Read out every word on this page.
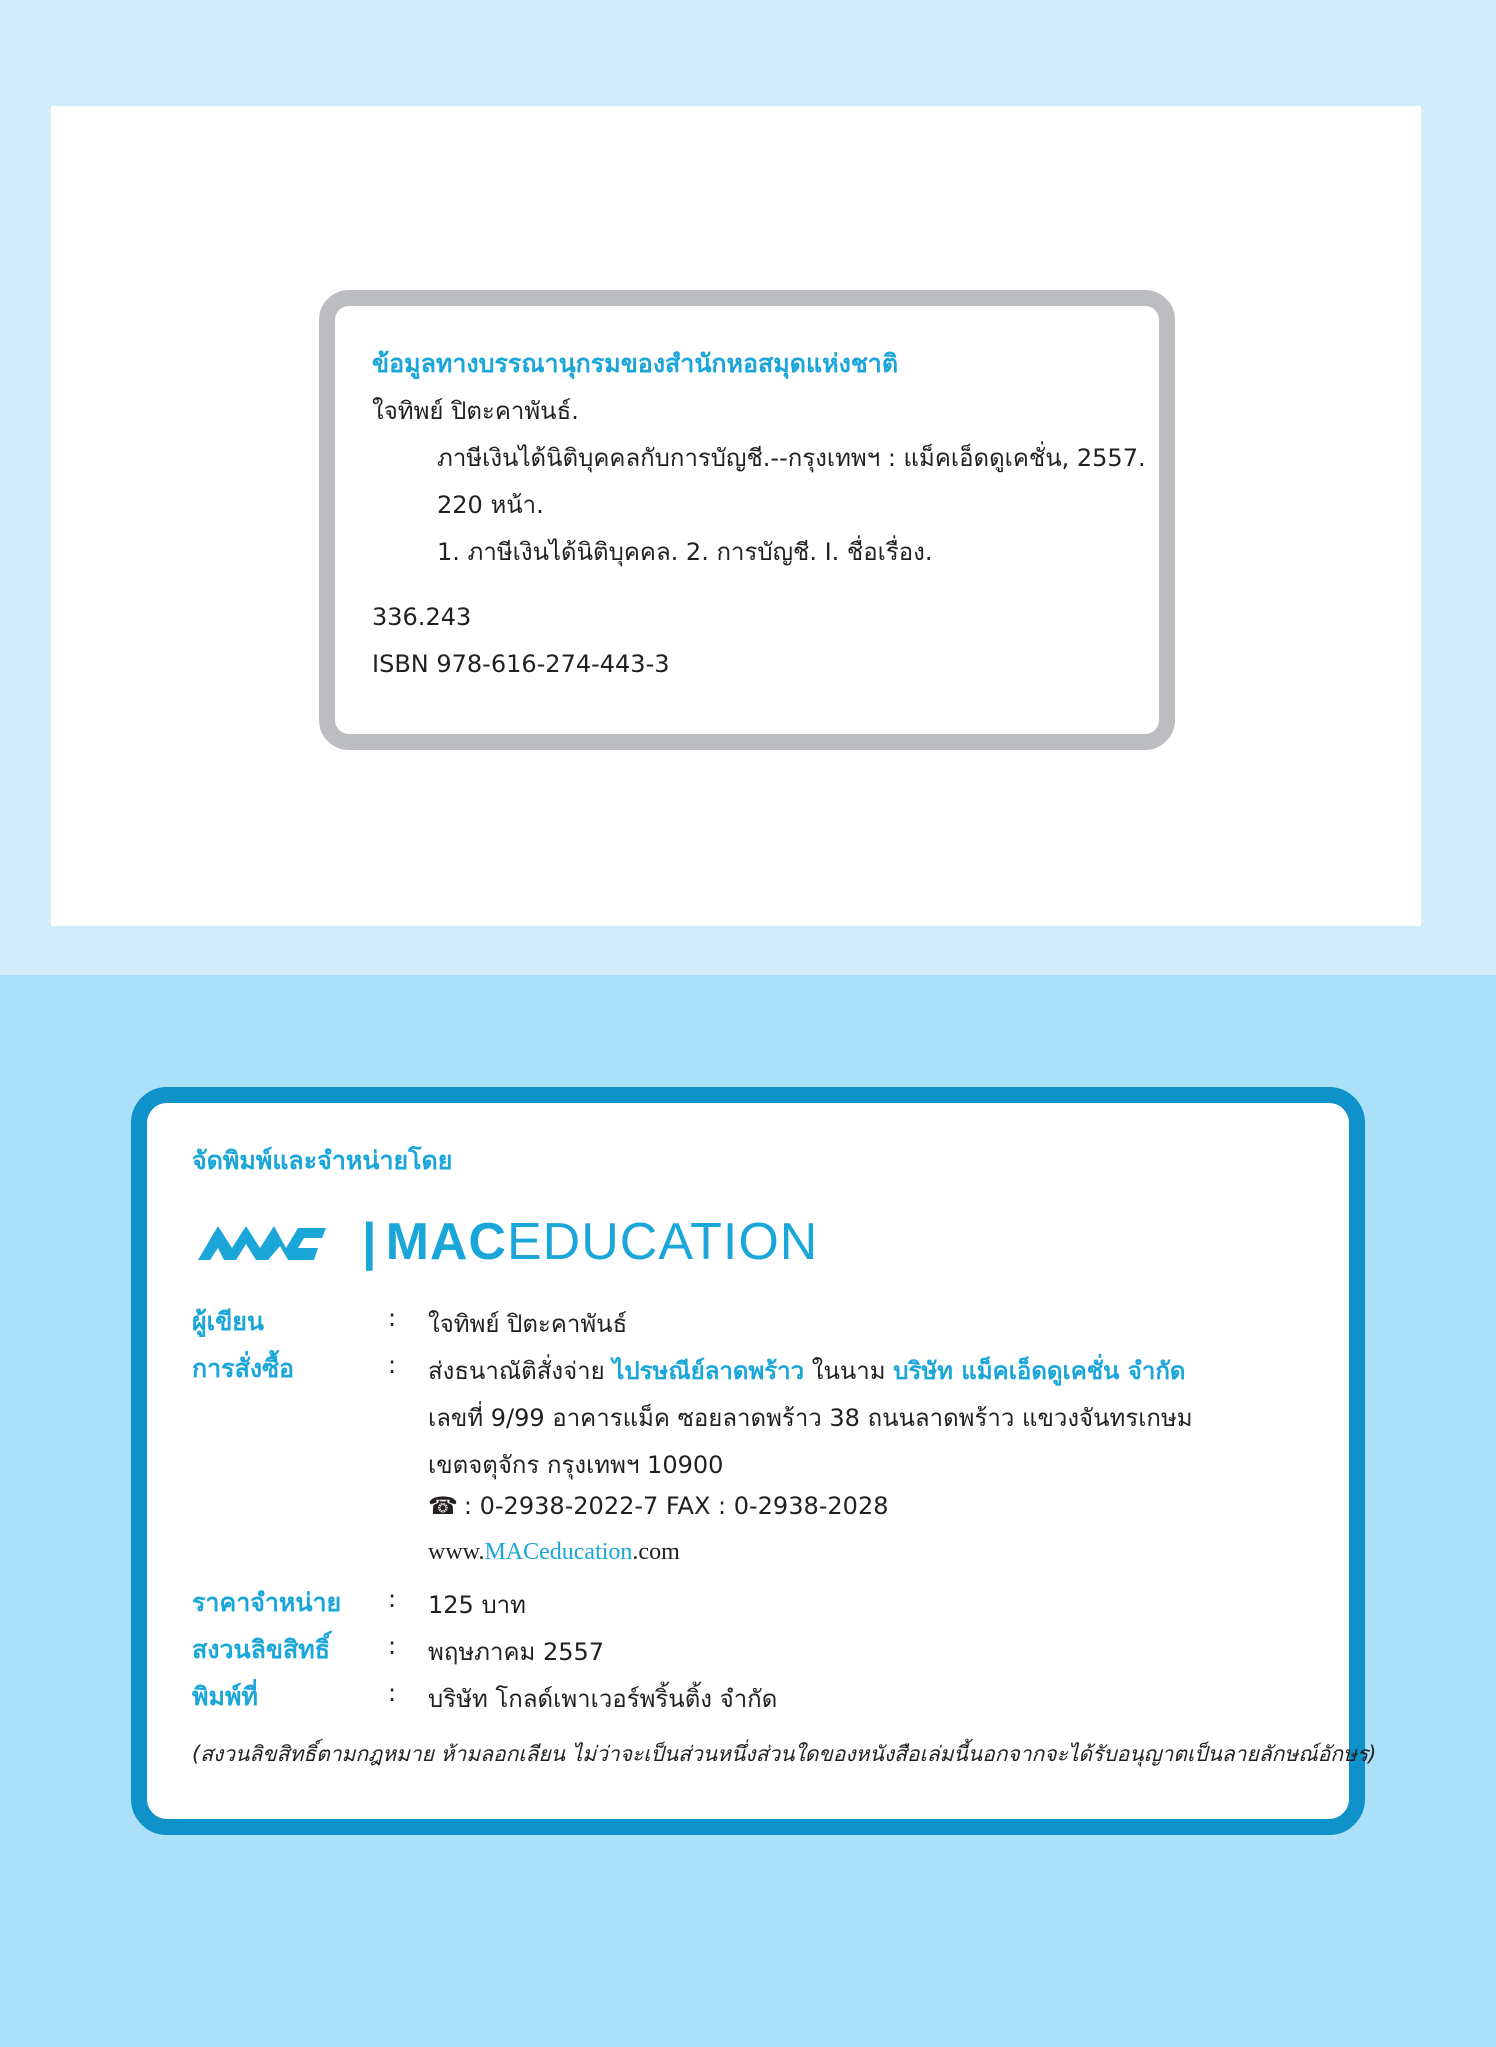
ข้อมูลทางบรรณานุกรมของสำนักหอสมุดแห่งชาติ
ใจทิพย์ ปิตะคาพันธ์.
ภาษีเงินได้นิติบุคคลกับการบัญชี.--กรุงเทพฯ : แม็คเอ็ดดูเคชั่น, 2557.
220 หน้า.
1. ภาษีเงินได้นิติบุคคล. 2. การบัญชี. I. ชื่อเรื่อง.
336.243
ISBN 978-616-274-443-3
จัดพิมพ์และจำหน่ายโดย
MAC | MACEDUCATION
ผู้เขียน	: ใจทิพย์ ปิตะคาพันธ์
การสั่งซื้อ	: ส่งธนาณัติสั่งจ่าย ไปรษณีย์ลาดพร้าว ในนาม บริษัท แม็คเอ็ดดูเคชั่น จำกัด
เลขที่ 9/99 อาคารแม็ค ซอยลาดพร้าว 38 ถนนลาดพร้าว แขวงจันทรเกษม
เขตจตุจักร กรุงเทพฯ 10900
☎ : 0-2938-2022-7 FAX : 0-2938-2028
www.MACeducation.com
ราคาจำหน่าย : 125 บาท
สงวนลิขสิทธิ์ : พฤษภาคม 2557
พิมพ์ที่	: บริษัท โกลด์เพาเวอร์พริ้นติ้ง จำกัด
(สงวนลิขสิทธิ์ตามกฎหมาย ห้ามลอกเลียน ไม่ว่าจะเป็นส่วนหนึ่งส่วนใดของหนังสือเล่มนี้นอกจากจะได้รับอนุญาตเป็นลายลักษณ์อักษร)
